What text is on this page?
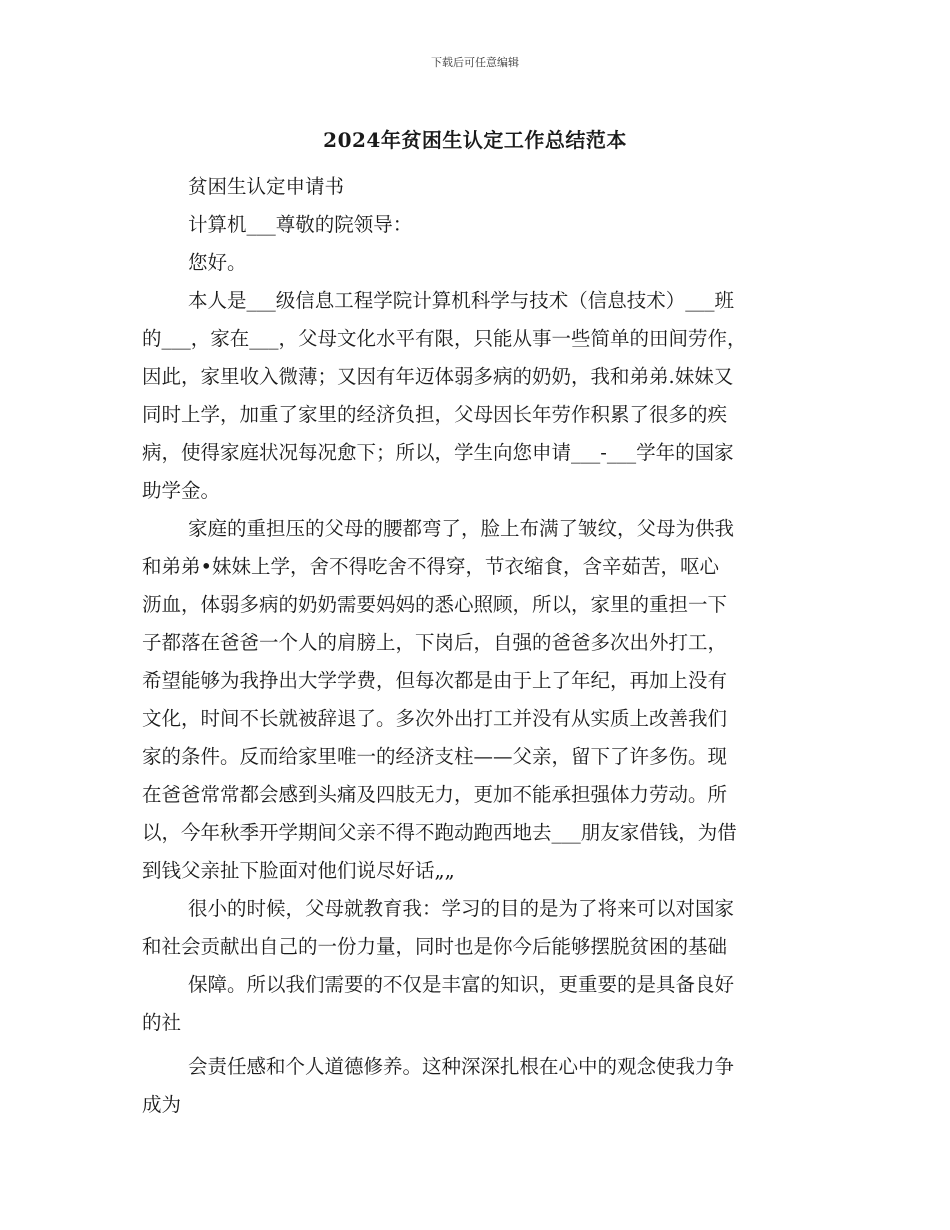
下载后可任意编辑
2024年贫困生认定工作总结范本
贫困生认定申请书
计算机___尊敬的院领导：
您好。
本人是___级信息工程学院计算机科学与技术（信息技术）___班
的___，家在___，父母文化水平有限，只能从事一些简单的田间劳作，
因此，家里收入微薄；又因有年迈体弱多病的奶奶，我和弟弟.妹妹又
同时上学，加重了家里的经济负担，父母因长年劳作积累了很多的疾
病，使得家庭状况每况愈下；所以，学生向您申请___-___学年的国家
助学金。
家庭的重担压的父母的腰都弯了，脸上布满了皱纹，父母为供我
和弟弟•妹妹上学，舍不得吃舍不得穿，节衣缩食，含辛茹苦，呕心
沥血，体弱多病的奶奶需要妈妈的悉心照顾，所以，家里的重担一下
子都落在爸爸一个人的肩膀上，下岗后，自强的爸爸多次出外打工，
希望能够为我挣出大学学费，但每次都是由于上了年纪，再加上没有
文化，时间不长就被辞退了。多次外出打工并没有从实质上改善我们
家的条件。反而给家里唯一的经济支柱——父亲，留下了许多伤。现
在爸爸常常都会感到头痛及四肢无力，更加不能承担强体力劳动。所
以，今年秋季开学期间父亲不得不跑动跑西地去___朋友家借钱，为借
到钱父亲扯下脸面对他们说尽好话„„
很小的时候，父母就教育我：学习的目的是为了将来可以对国家
和社会贡献出自己的一份力量，同时也是你今后能够摆脱贫困的基础
保障。所以我们需要的不仅是丰富的知识，更重要的是具备良好
的社
会责任感和个人道德修养。这种深深扎根在心中的观念使我力争
成为
